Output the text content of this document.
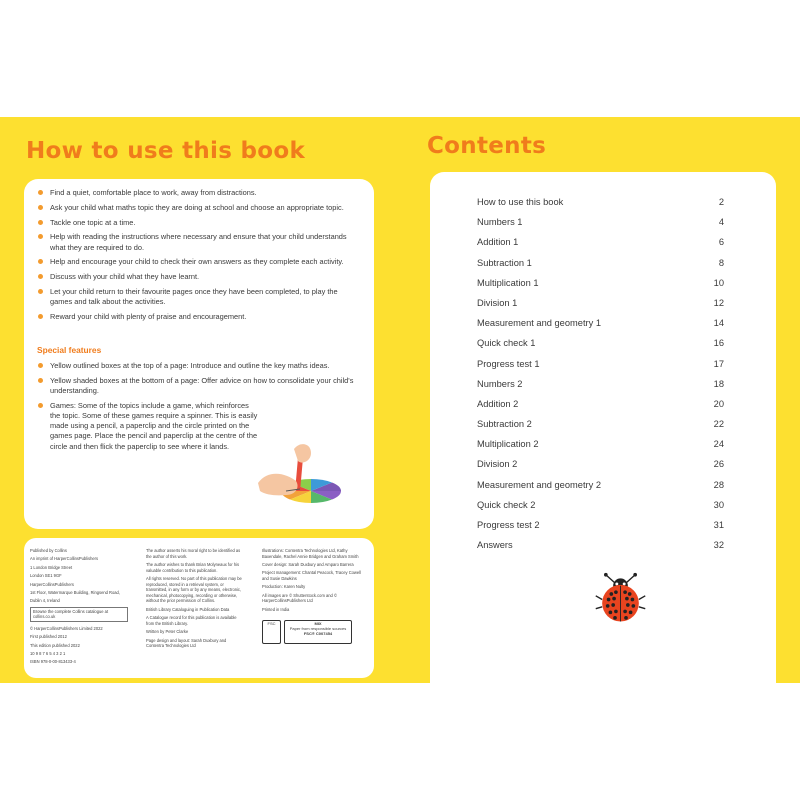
How to use this book
Find a quiet, comfortable place to work, away from distractions.
Ask your child what maths topic they are doing at school and choose an appropriate topic.
Tackle one topic at a time.
Help with reading the instructions where necessary and ensure that your child understands what they are required to do.
Help and encourage your child to check their own answers as they complete each activity.
Discuss with your child what they have learnt.
Let your child return to their favourite pages once they have been completed, to play the games and talk about the activities.
Reward your child with plenty of praise and encouragement.
Special features
Yellow outlined boxes at the top of a page: Introduce and outline the key maths ideas.
Yellow shaded boxes at the bottom of a page: Offer advice on how to consolidate your child's understanding.
Games: Some of the topics include a game, which reinforces the topic. Some of these games require a spinner. This is easily made using a pencil, a paperclip and the circle printed on the games page. Place the pencil and paperclip at the centre of the circle and then flick the paperclip to see where it lands.

Published by Collins

An imprint of HarperCollinsPublishers

1 London Bridge Street

London SE1 9GF

HarperCollinsPublishers

1st Floor, Watermarque Building, Ringsend Road,

Dublin 4, Ireland

Browse the complete Collins catalogue at collins.co.uk

© HarperCollinsPublishers Limited 2022

First published 2012

This edition published 2022

10 9 8 7 6 5 4 3 2 1

ISBN 978-0-00-813433-4

The author asserts his moral right to be identified as the author of this work.

The author wishes to thank Brian Molyneaux for his valuable contribution to this publication.

All rights reserved. No part of this publication may be reproduced, stored in a retrieval system, or transmitted, in any form or by any means, electronic, mechanical, photocopying, recording or otherwise, without the prior permission of Collins.

British Library Cataloguing in Publication Data

A Catalogue record for this publication is available from the British Library.

Written by Peter Clarke

Page design and layout: Sarah Duxbury and Contentra Technologies Ltd

Illustrations: Contentra Technologies Ltd, Kathy Baxendale, Rachel Annie Bridgen and Graham Smith

Cover design: Sarah Duxbury and Amparo Barrera

Project management: Chantal Peacock, Tracey Cowell and Susie Dawkins

Production: Karen Nulty

All images are © Shutterstock.com and © HarperCollinsPublishers Ltd

Printed in India

FSC	MIX
Paper from responsible sources
FSC® C007454
Contents
How to use this book	2
Numbers 1	4
Addition 1	6
Subtraction 1	8
Multiplication 1	10
Division 1	12
Measurement and geometry 1	14
Quick check 1	16
Progress test 1	17
Numbers 2	18
Addition 2	20
Subtraction 2	22
Multiplication 2	24
Division 2	26
Measurement and geometry 2	28
Quick check 2	30
Progress test 2	31
Answers	32
